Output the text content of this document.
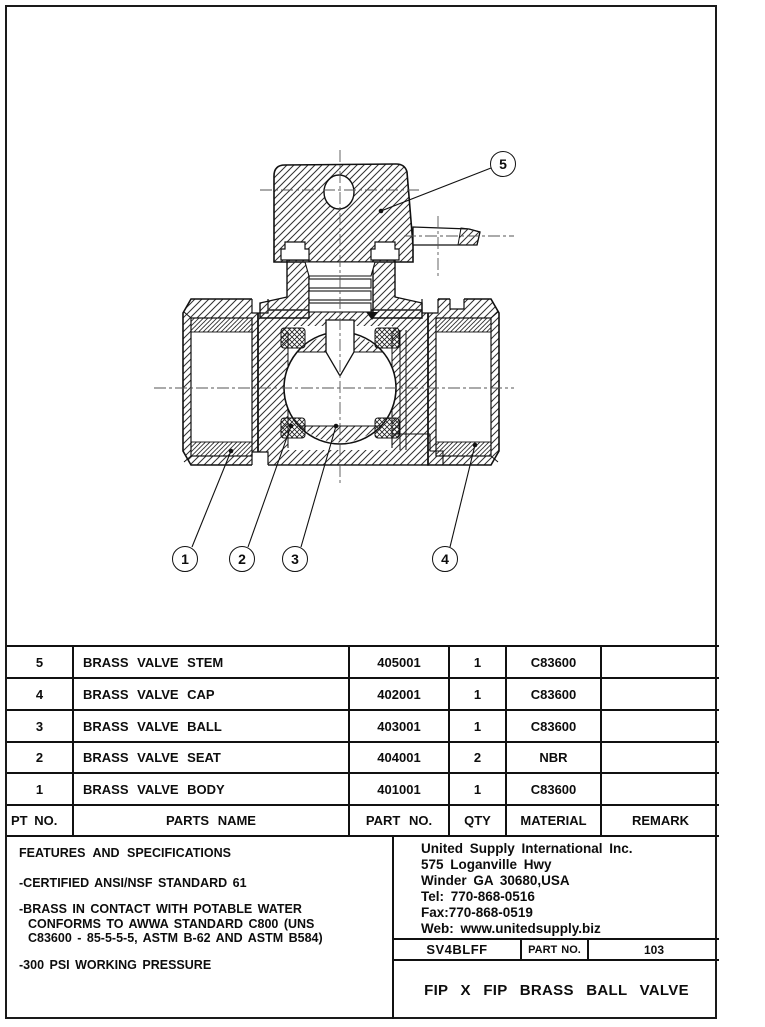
1	2	3	4
5
5	BRASS VALVE STEM	405001	1	C83600
4	BRASS VALVE CAP	402001	1	C83600
3	BRASS VALVE BALL	403001	1	C83600
2	BRASS VALVE SEAT	404001	2	NBR
1	BRASS VALVE BODY	401001	1	C83600
PT NO.	PARTS NAME	PART NO.	QTY	MATERIAL	REMARK
FEATURES AND SPECIFICATIONS
-CERTIFIED ANSI/NSF STANDARD 61
-BRASS IN CONTACT WITH POTABLE WATER CONFORMS TO AWWA STANDARD C800 (UNS C83600 - 85-5-5-5, ASTM B-62 AND ASTM B584)
-300 PSI WORKING PRESSURE
United Supply International Inc.
575 Loganville Hwy
Winder GA 30680,USA
Tel: 770-868-0516
Fax:770-868-0519
Web: www.unitedsupply.biz
SV4BLFF	PART NO.	103
FIP X FIP BRASS BALL VALVE
